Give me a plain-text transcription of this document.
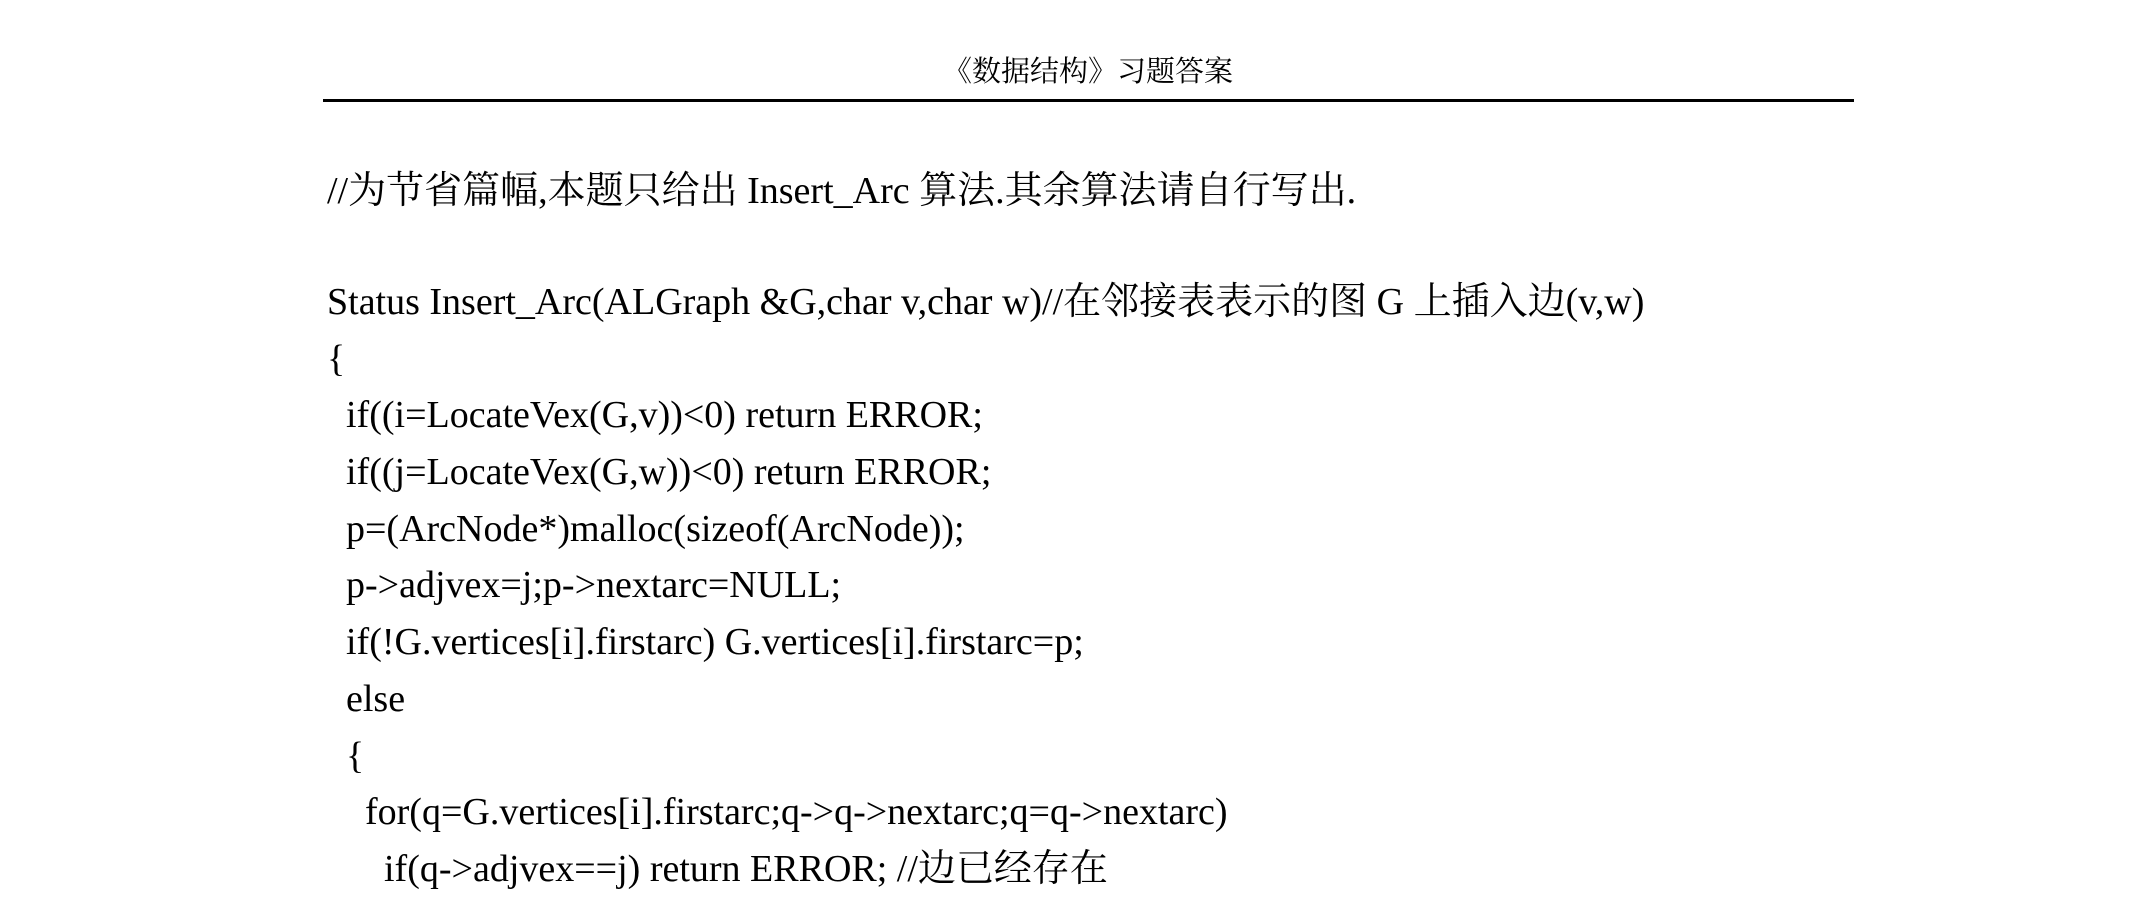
《数据结构》习题答案
//为节省篇幅,本题只给出 Insert_Arc 算法.其余算法请自行写出.
Status Insert_Arc(ALGraph &G,char v,char w)//在邻接表表示的图 G 上插入边(v,w)
{
if((i=LocateVex(G,v))<0) return ERROR;
if((j=LocateVex(G,w))<0) return ERROR;
p=(ArcNode*)malloc(sizeof(ArcNode));
p->adjvex=j;p->nextarc=NULL;
if(!G.vertices[i].firstarc) G.vertices[i].firstarc=p;
else
{
for(q=G.vertices[i].firstarc;q->q->nextarc;q=q->nextarc)
if(q->adjvex==j) return ERROR; //边已经存在
